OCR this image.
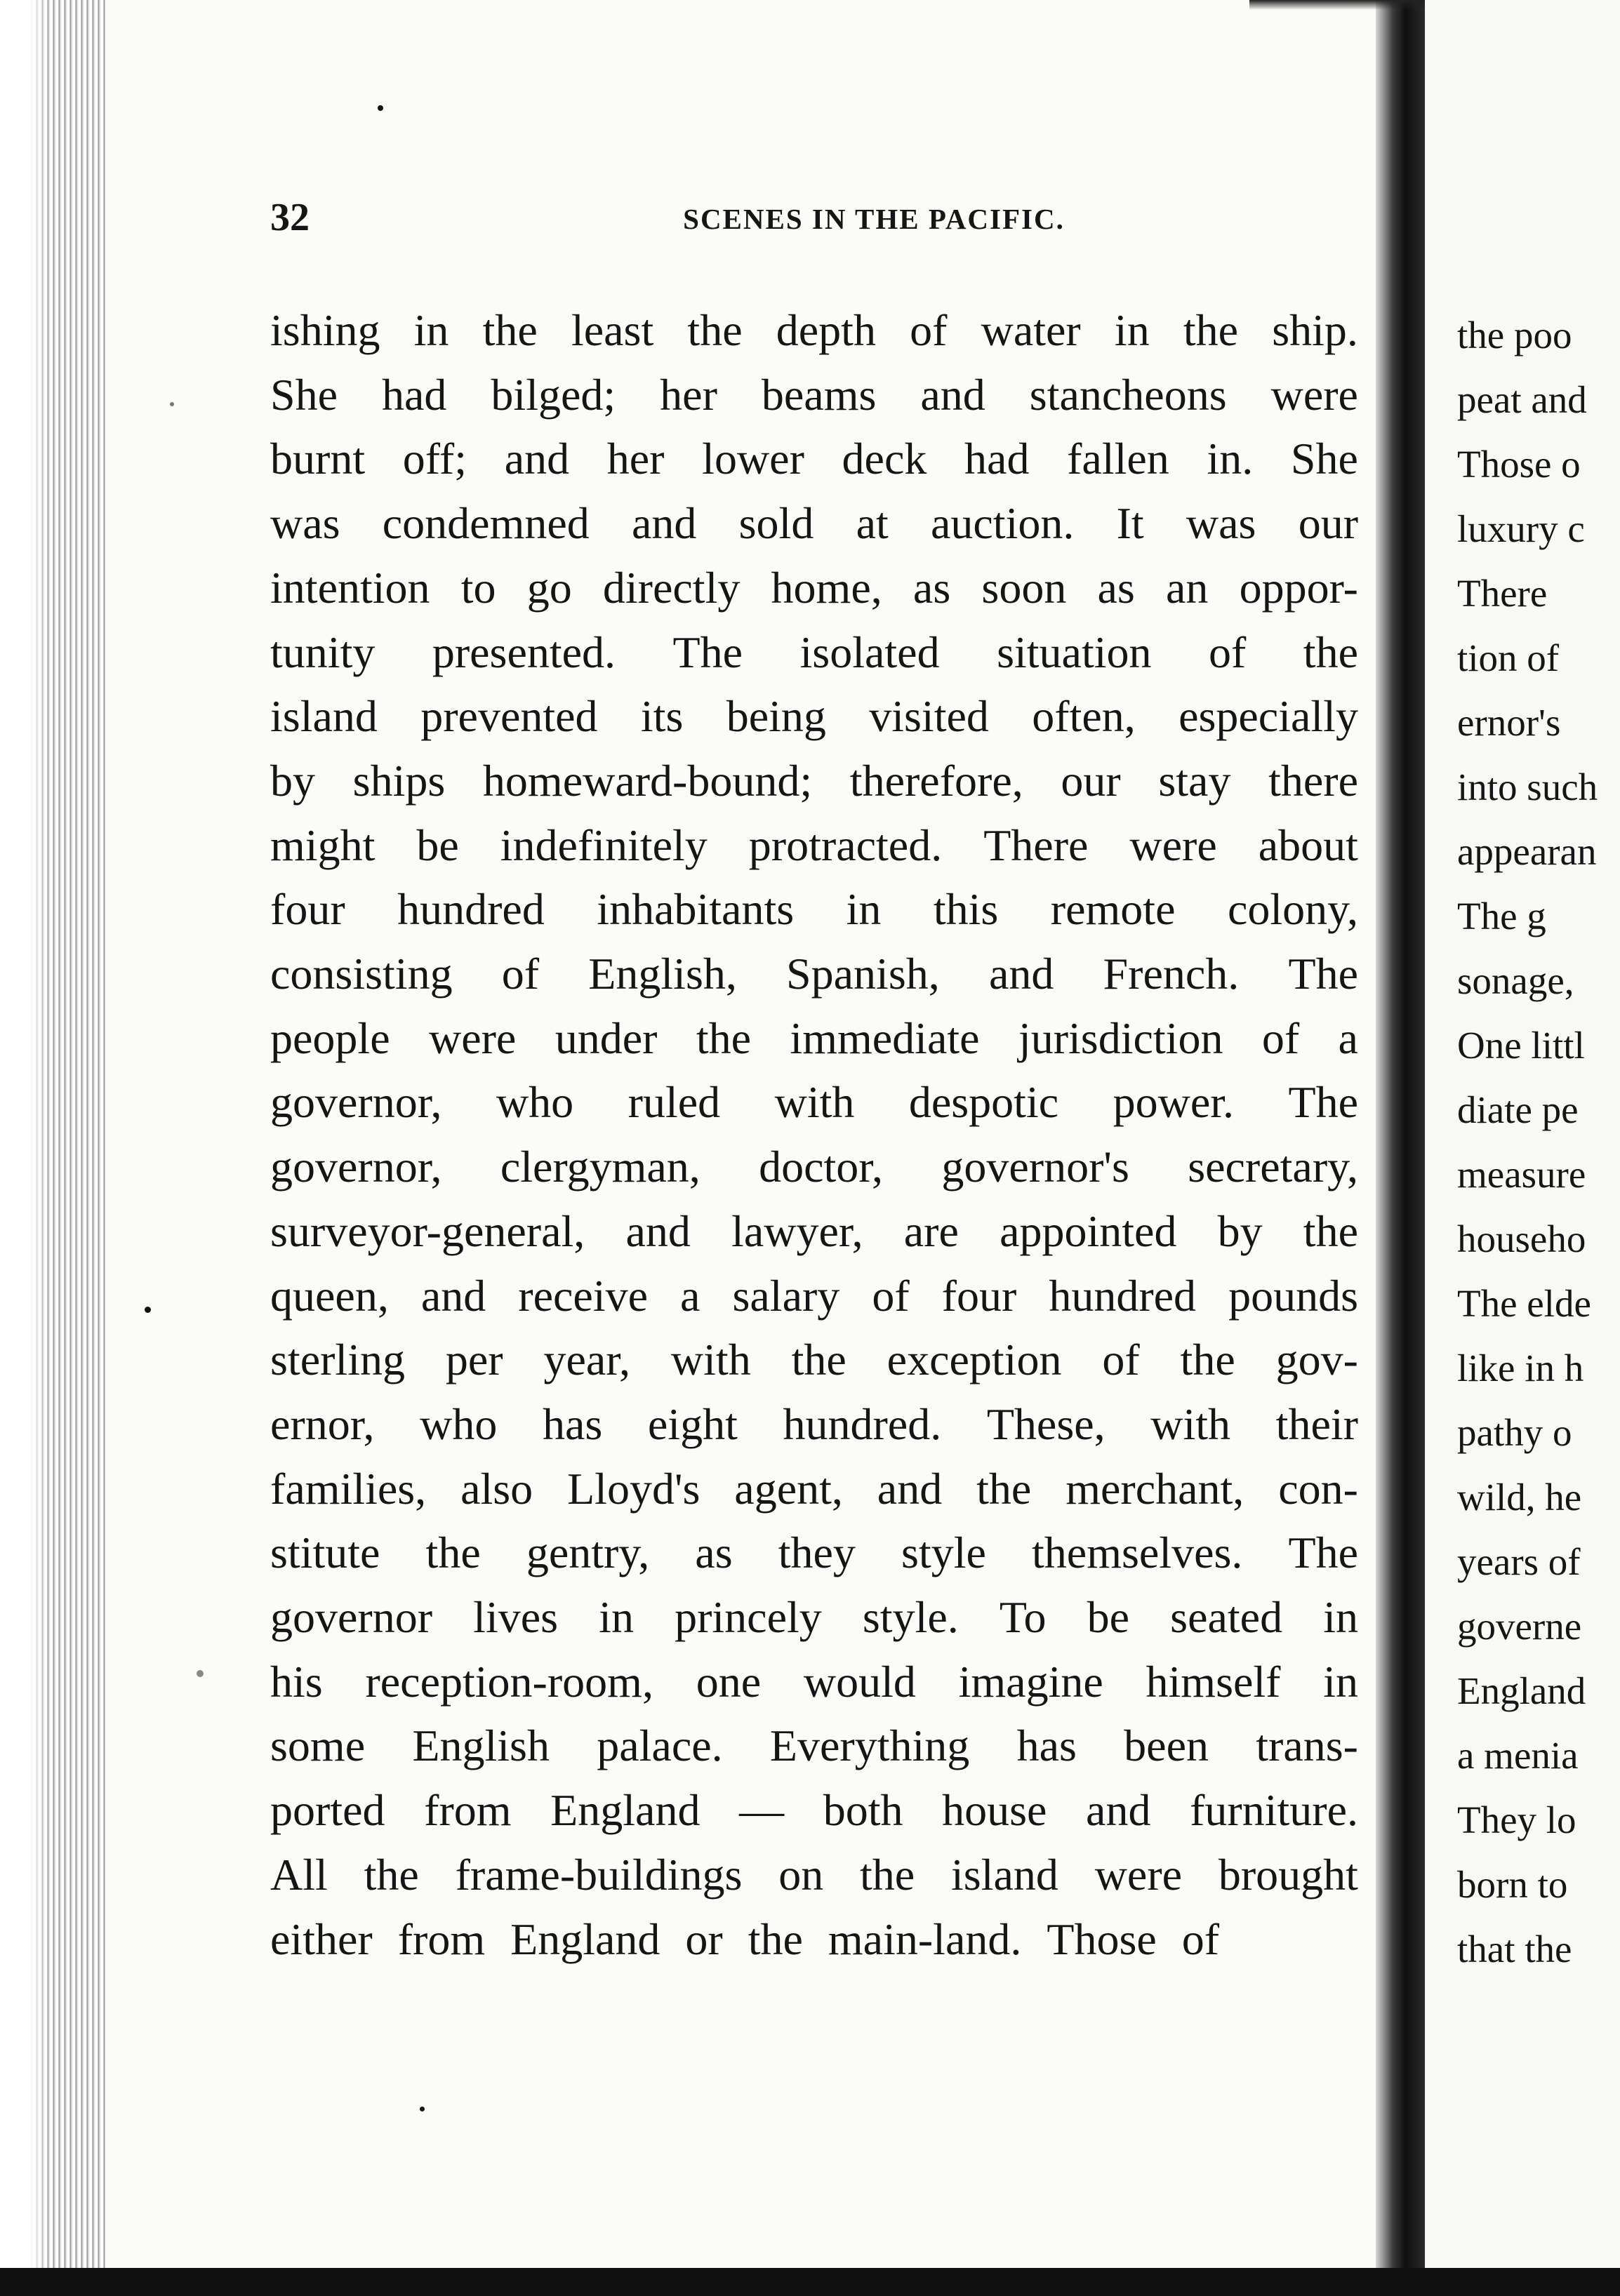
the poo
peat and
Those o
luxury c
There
tion of
ernor's
into such
appearan
The g
sonage,
One littl
diate pe
measure
househo
The elde
like in h
pathy o
wild, he
years of
governe
England
a menia
They lo
born to
that the
32	SCENES IN THE PACIFIC.
ishing in the least the depth of water in the ship.
She had bilged; her beams and stancheons were
burnt off; and her lower deck had fallen in. She
was condemned and sold at auction. It was our
intention to go directly home, as soon as an oppor-
tunity presented. The isolated situation of the
island prevented its being visited often, especially
by ships homeward-bound; therefore, our stay there
might be indefinitely protracted. There were about
four hundred inhabitants in this remote colony,
consisting of English, Spanish, and French. The
people were under the immediate jurisdiction of a
governor, who ruled with despotic power. The
governor, clergyman, doctor, governor's secretary,
surveyor-general, and lawyer, are appointed by the
queen, and receive a salary of four hundred pounds
sterling per year, with the exception of the gov-
ernor, who has eight hundred. These, with their
families, also Lloyd's agent, and the merchant, con-
stitute the gentry, as they style themselves. The
governor lives in princely style. To be seated in
his reception-room, one would imagine himself in
some English palace. Everything has been trans-
ported from England — both house and furniture.
All the frame-buildings on the island were brought
either from England or the main-land. Those of
